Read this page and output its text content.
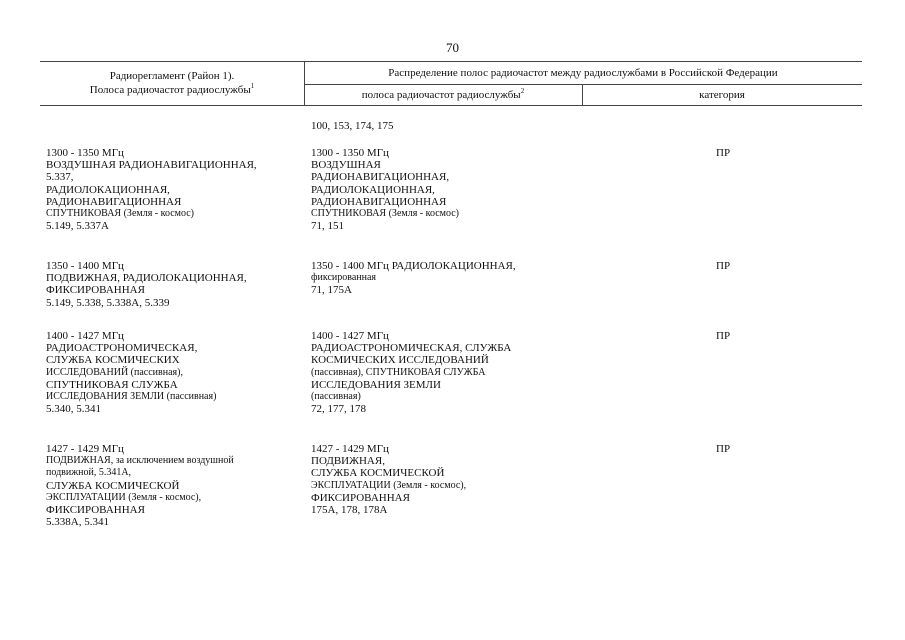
70
Радиорегламент (Район 1).
Полоса радиочастот радиослужбы$^1$
Распределение полос радиочастот между радиослужбами в Российской Федерации
полоса радиочастот радиослужбы$^2$	категория
100, 153, 174, 175
1300 - 1350 МГц
ВОЗДУШНАЯ РАДИОНАВИГАЦИОННАЯ,
5.337,
РАДИОЛОКАЦИОННАЯ,
РАДИОНАВИГАЦИОННАЯ
СПУТНИКОВАЯ (Земля - космос)
5.149, 5.337A
1300 - 1350 МГц
ВОЗДУШНАЯ
РАДИОНАВИГАЦИОННАЯ,
РАДИОЛОКАЦИОННАЯ,
РАДИОНАВИГАЦИОННАЯ
СПУТНИКОВАЯ (Земля - космос)
71, 151
ПР
1350 - 1400 МГц
ПОДВИЖНАЯ, РАДИОЛОКАЦИОННАЯ,
ФИКСИРОВАННАЯ
5.149, 5.338, 5.338A, 5.339
1350 - 1400 МГц РАДИОЛОКАЦИОННАЯ,
фиксированная
71, 175А
ПР
1400 - 1427 МГц
РАДИОАСТРОНОМИЧЕСКАЯ,
СЛУЖБА КОСМИЧЕСКИХ
ИССЛЕДОВАНИЙ (пассивная),
СПУТНИКОВАЯ СЛУЖБА
ИССЛЕДОВАНИЯ ЗЕМЛИ (пассивная)
5.340, 5.341
1400 - 1427 МГц
РАДИОАСТРОНОМИЧЕСКАЯ, СЛУЖБА
КОСМИЧЕСКИХ ИССЛЕДОВАНИЙ
(пассивная), СПУТНИКОВАЯ СЛУЖБА
ИССЛЕДОВАНИЯ ЗЕМЛИ
(пассивная)
72, 177, 178
ПР
1427 - 1429 МГц
ПОДВИЖНАЯ, за исключением воздушной
подвижной, 5.341A,
СЛУЖБА КОСМИЧЕСКОЙ
ЭКСПЛУАТАЦИИ (Земля - космос),
ФИКСИРОВАННАЯ
5.338A, 5.341
1427 - 1429 МГц
ПОДВИЖНАЯ,
СЛУЖБА КОСМИЧЕСКОЙ
ЭКСПЛУАТАЦИИ (Земля - космос),
ФИКСИРОВАННАЯ
175А, 178, 178А
ПР
